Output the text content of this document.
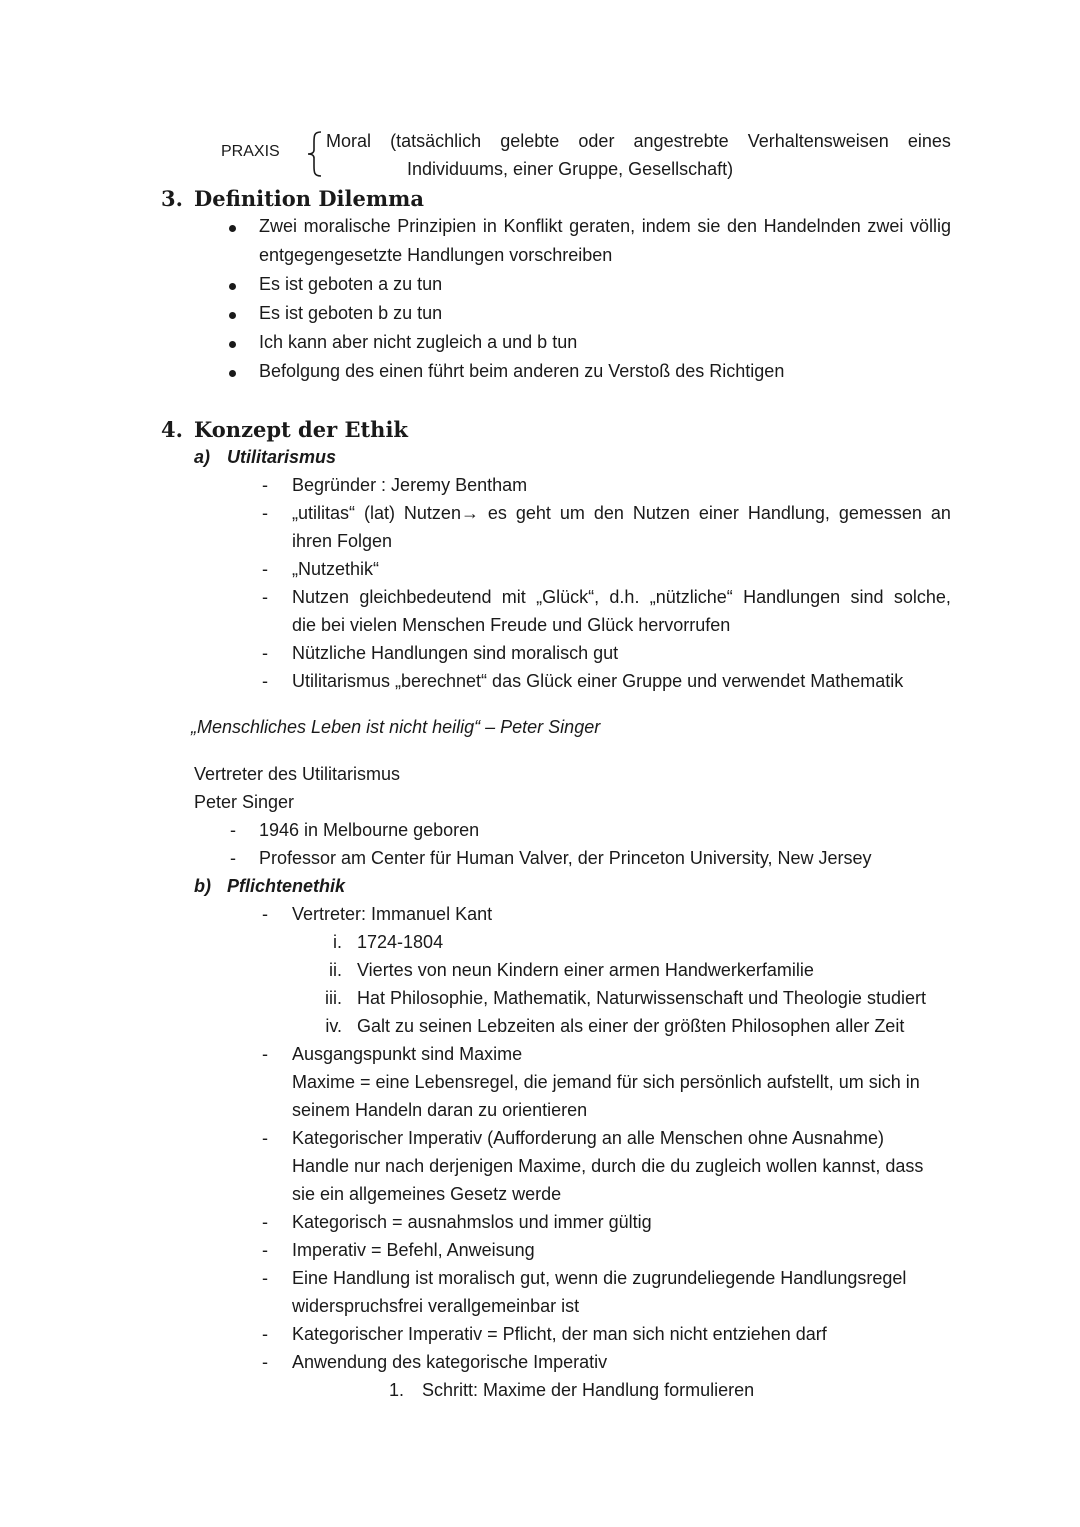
PRAXIS
Moral (tatsächlich gelebte oder angestrebte Verhaltensweisen eines
Individuums, einer Gruppe, Gesellschaft)
3. Definition Dilemma
Zwei moralische Prinzipien in Konflikt geraten, indem sie den Handelnden zwei völlig
entgegengesetzte Handlungen vorschreiben
Es ist geboten a zu tun
Es ist geboten b zu tun
Ich kann aber nicht zugleich a und b tun
Befolgung des einen führt beim anderen zu Verstoß des Richtigen
4. Konzept der Ethik
a) Utilitarismus
- Begründer : Jeremy Bentham
- „utilitas“ (lat) Nutzen→ es geht um den Nutzen einer Handlung, gemessen an
ihren Folgen
- „Nutzethik“
- Nutzen gleichbedeutend mit „Glück“, d.h. „nützliche“ Handlungen sind solche,
die bei vielen Menschen Freude und Glück hervorrufen
- Nützliche Handlungen sind moralisch gut
- Utilitarismus „berechnet“ das Glück einer Gruppe und verwendet Mathematik
„Menschliches Leben ist nicht heilig“ – Peter Singer
Vertreter des Utilitarismus
Peter Singer
- 1946 in Melbourne geboren
- Professor am Center für Human Valver, der Princeton University, New Jersey
b) Pflichtenethik
- Vertreter: Immanuel Kant
i. 1724-1804
ii. Viertes von neun Kindern einer armen Handwerkerfamilie
iii. Hat Philosophie, Mathematik, Naturwissenschaft und Theologie studiert
iv. Galt zu seinen Lebzeiten als einer der größten Philosophen aller Zeit
- Ausgangspunkt sind Maxime
Maxime = eine Lebensregel, die jemand für sich persönlich aufstellt, um sich in
seinem Handeln daran zu orientieren
- Kategorischer Imperativ (Aufforderung an alle Menschen ohne Ausnahme)
Handle nur nach derjenigen Maxime, durch die du zugleich wollen kannst, dass
sie ein allgemeines Gesetz werde
- Kategorisch = ausnahmslos und immer gültig
- Imperativ = Befehl, Anweisung
- Eine Handlung ist moralisch gut, wenn die zugrundeliegende Handlungsregel
widerspruchsfrei verallgemeinbar ist
- Kategorischer Imperativ = Pflicht, der man sich nicht entziehen darf
- Anwendung des kategorische Imperativ
1. Schritt: Maxime der Handlung formulieren
